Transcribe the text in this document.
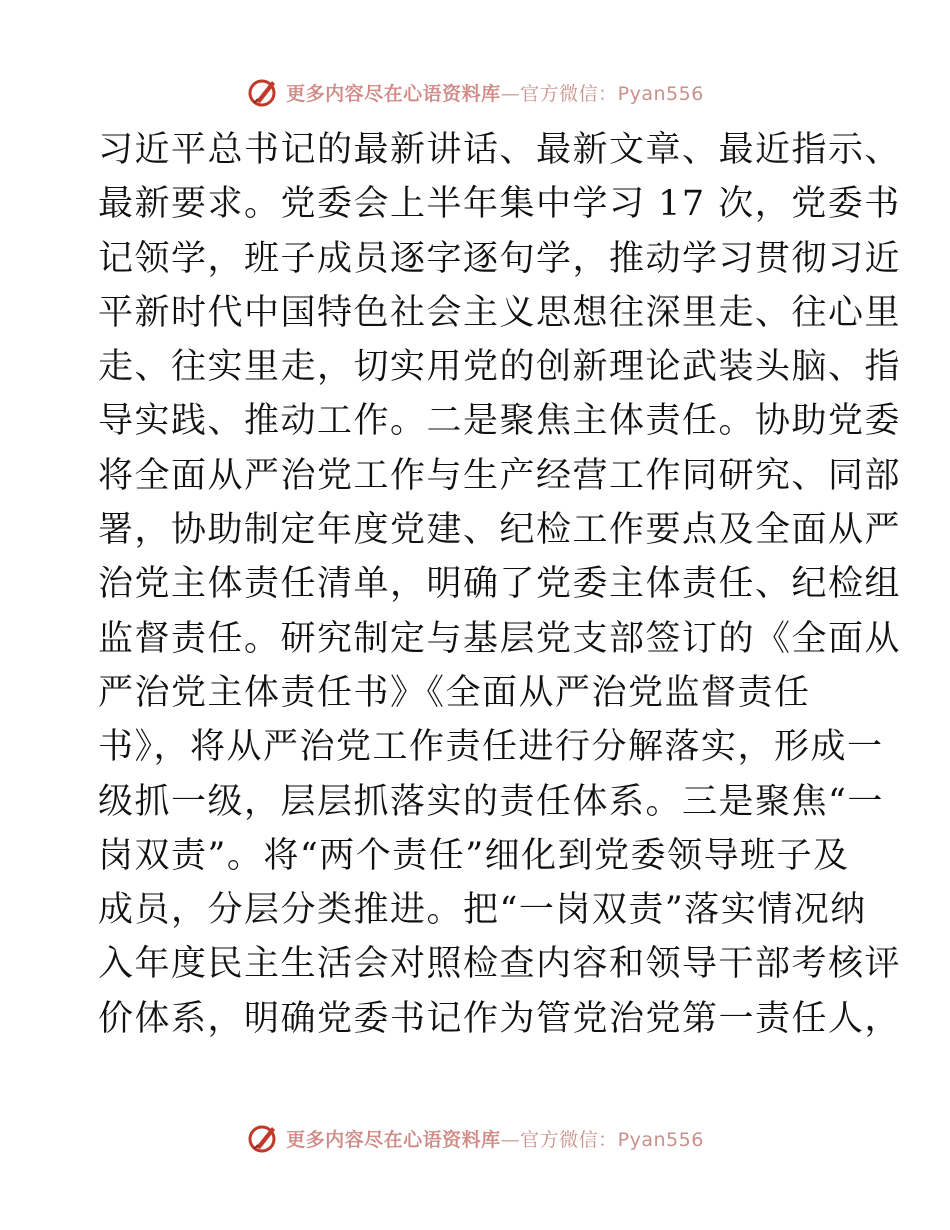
更多内容尽在心语资料库—官方微信：Pyan556
习近平总书记的最新讲话、最新文章、最近指示、
最新要求。党委会上半年集中学习 17 次，党委书
记领学，班子成员逐字逐句学，推动学习贯彻习近
平新时代中国特色社会主义思想往深里走、往心里
走、往实里走，切实用党的创新理论武装头脑、指
导实践、推动工作。二是聚焦主体责任。协助党委
将全面从严治党工作与生产经营工作同研究、同部
署，协助制定年度党建、纪检工作要点及全面从严
治党主体责任清单，明确了党委主体责任、纪检组
监督责任。研究制定与基层党支部签订的《全面从
严治党主体责任书》《全面从严治党监督责任
书》，将从严治党工作责任进行分解落实，形成一
级抓一级，层层抓落实的责任体系。三是聚焦“一
岗双责”。将“两个责任”细化到党委领导班子及
成员，分层分类推进。把“一岗双责”落实情况纳
入年度民主生活会对照检查内容和领导干部考核评
价体系，明确党委书记作为管党治党第一责任人，
更多内容尽在心语资料库—官方微信：Pyan556
